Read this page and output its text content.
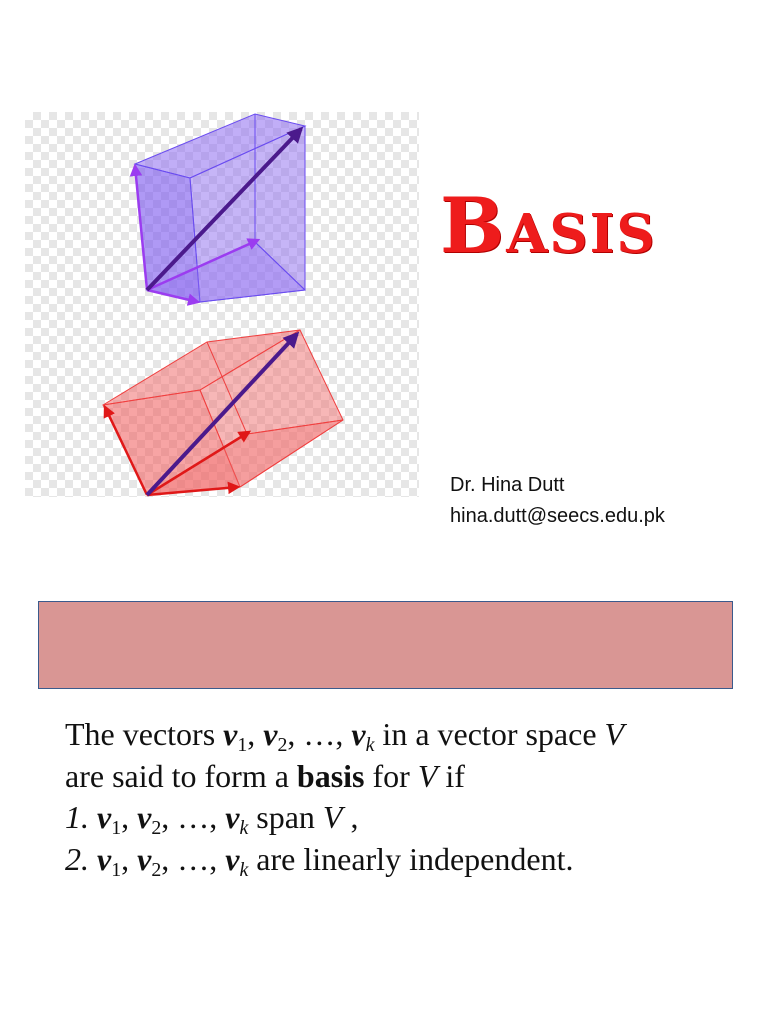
Basis
Dr. Hina Dutt
hina.dutt@seecs.edu.pk
The vectors $v_1$, $v_2$, …, $v_k$ in a vector space V
are said to form a basis for V if
1. $v_1$, $v_2$, …, $v_k$ span V ,
2. $v_1$, $v_2$, …, $v_k$ are linearly independent.
